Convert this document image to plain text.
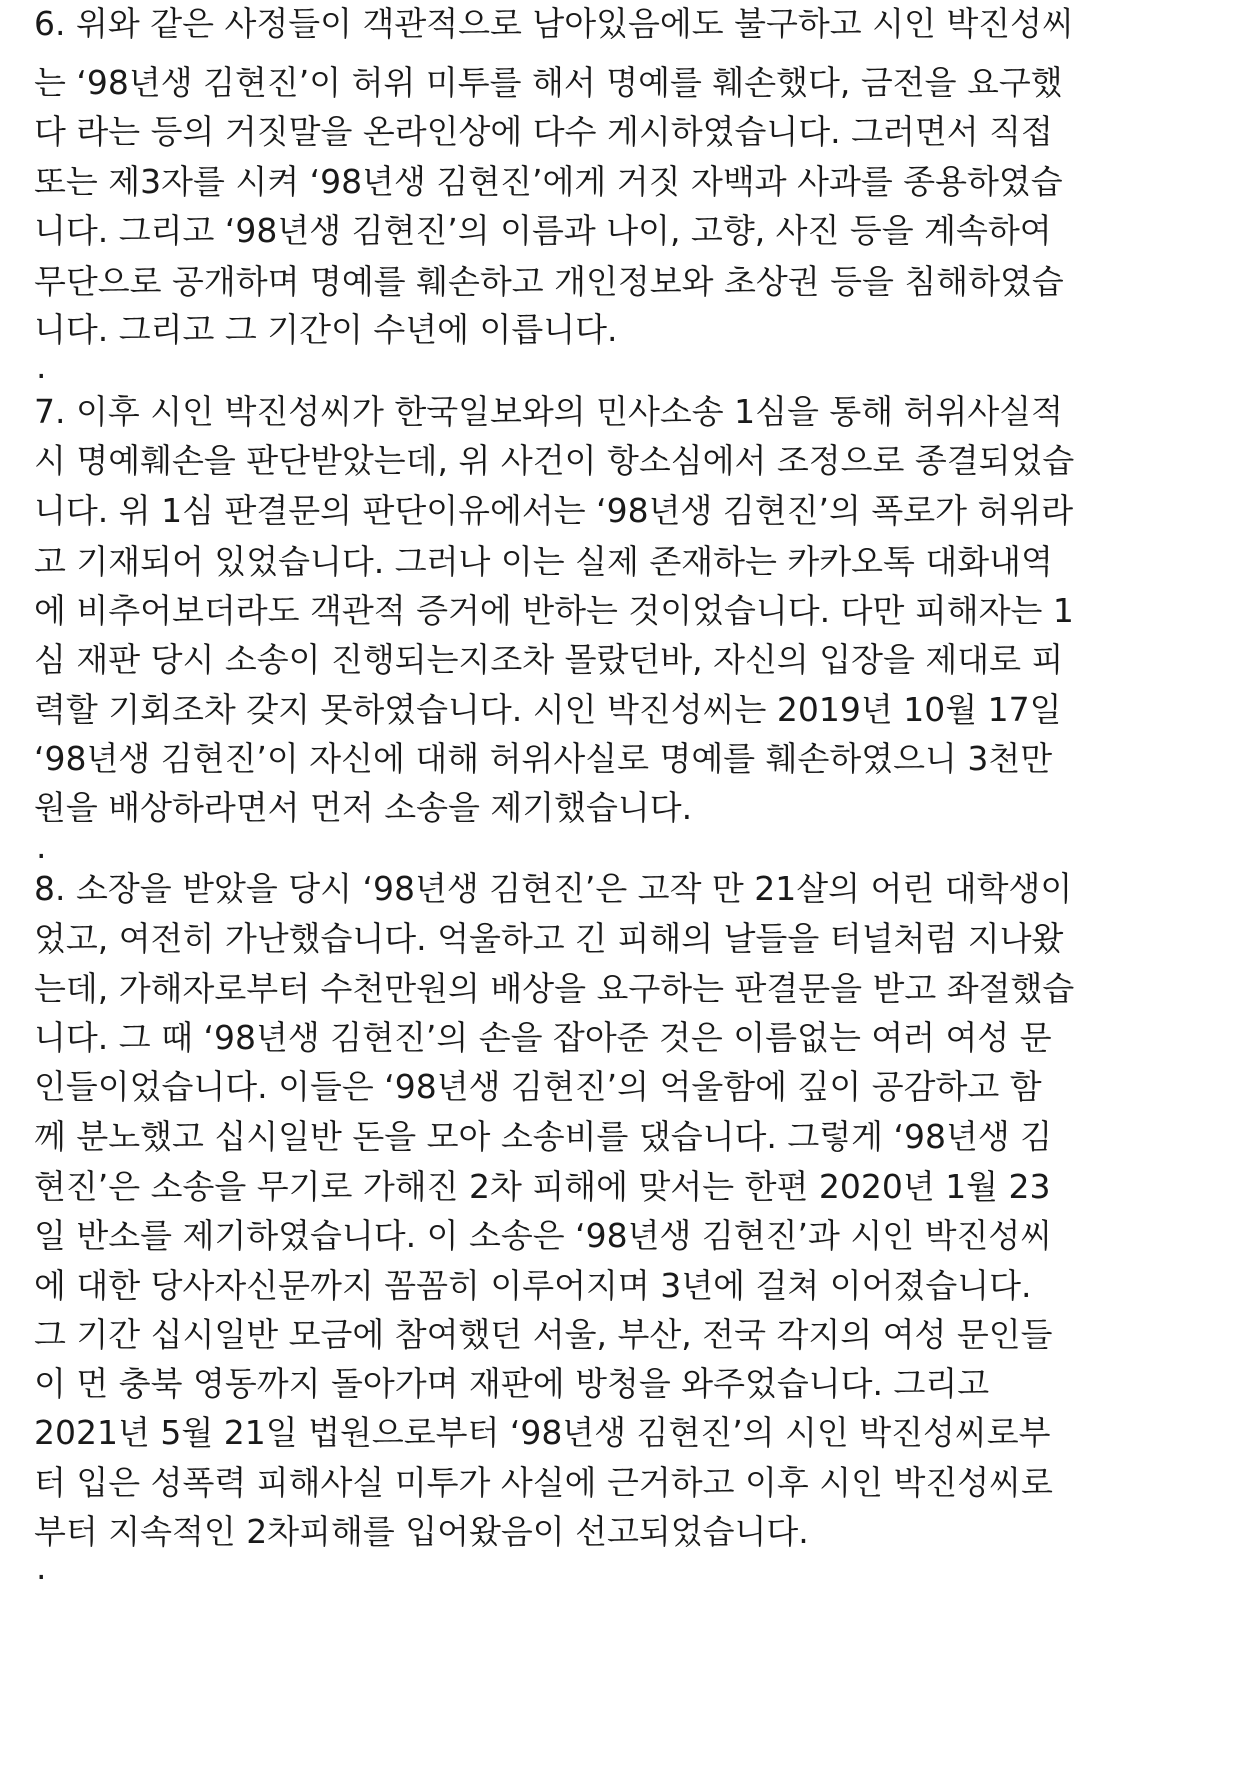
6. 위와 같은 사정들이 객관적으로 남아있음에도 불구하고 시인 박진성씨
는 ‘98년생 김현진’이 허위 미투를 해서 명예를 훼손했다, 금전을 요구했
다 라는 등의 거짓말을 온라인상에 다수 게시하였습니다. 그러면서 직접
또는 제3자를 시켜 ‘98년생 김현진’에게 거짓 자백과 사과를 종용하였습
니다. 그리고 ‘98년생 김현진’의 이름과 나이, 고향, 사진 등을 계속하여
무단으로 공개하며 명예를 훼손하고 개인정보와 초상권 등을 침해하였습
니다. 그리고 그 기간이 수년에 이릅니다.
.
7. 이후 시인 박진성씨가 한국일보와의 민사소송 1심을 통해 허위사실적
시 명예훼손을 판단받았는데, 위 사건이 항소심에서 조정으로 종결되었습
니다. 위 1심 판결문의 판단이유에서는 ‘98년생 김현진’의 폭로가 허위라
고 기재되어 있었습니다. 그러나 이는 실제 존재하는 카카오톡 대화내역
에 비추어보더라도 객관적 증거에 반하는 것이었습니다. 다만 피해자는 1
심 재판 당시 소송이 진행되는지조차 몰랐던바, 자신의 입장을 제대로 피
력할 기회조차 갖지 못하였습니다. 시인 박진성씨는 2019년 10월 17일
‘98년생 김현진’이 자신에 대해 허위사실로 명예를 훼손하였으니 3천만
원을 배상하라면서 먼저 소송을 제기했습니다.
.
8. 소장을 받았을 당시 ‘98년생 김현진’은 고작 만 21살의 어린 대학생이
었고, 여전히 가난했습니다. 억울하고 긴 피해의 날들을 터널처럼 지나왔
는데, 가해자로부터 수천만원의 배상을 요구하는 판결문을 받고 좌절했습
니다. 그 때 ‘98년생 김현진’의 손을 잡아준 것은 이름없는 여러 여성 문
인들이었습니다. 이들은 ‘98년생 김현진’의 억울함에 깊이 공감하고 함
께 분노했고 십시일반 돈을 모아 소송비를 댔습니다. 그렇게 ‘98년생 김
현진’은 소송을 무기로 가해진 2차 피해에 맞서는 한편 2020년 1월 23
일 반소를 제기하였습니다. 이 소송은 ‘98년생 김현진’과 시인 박진성씨
에 대한 당사자신문까지 꼼꼼히 이루어지며 3년에 걸쳐 이어졌습니다.
그 기간 십시일반 모금에 참여했던 서울, 부산, 전국 각지의 여성 문인들
이 먼 충북 영동까지 돌아가며 재판에 방청을 와주었습니다. 그리고
2021년 5월 21일 법원으로부터 ‘98년생 김현진’의 시인 박진성씨로부
터 입은 성폭력 피해사실 미투가 사실에 근거하고 이후 시인 박진성씨로
부터 지속적인 2차피해를 입어왔음이 선고되었습니다.
.
